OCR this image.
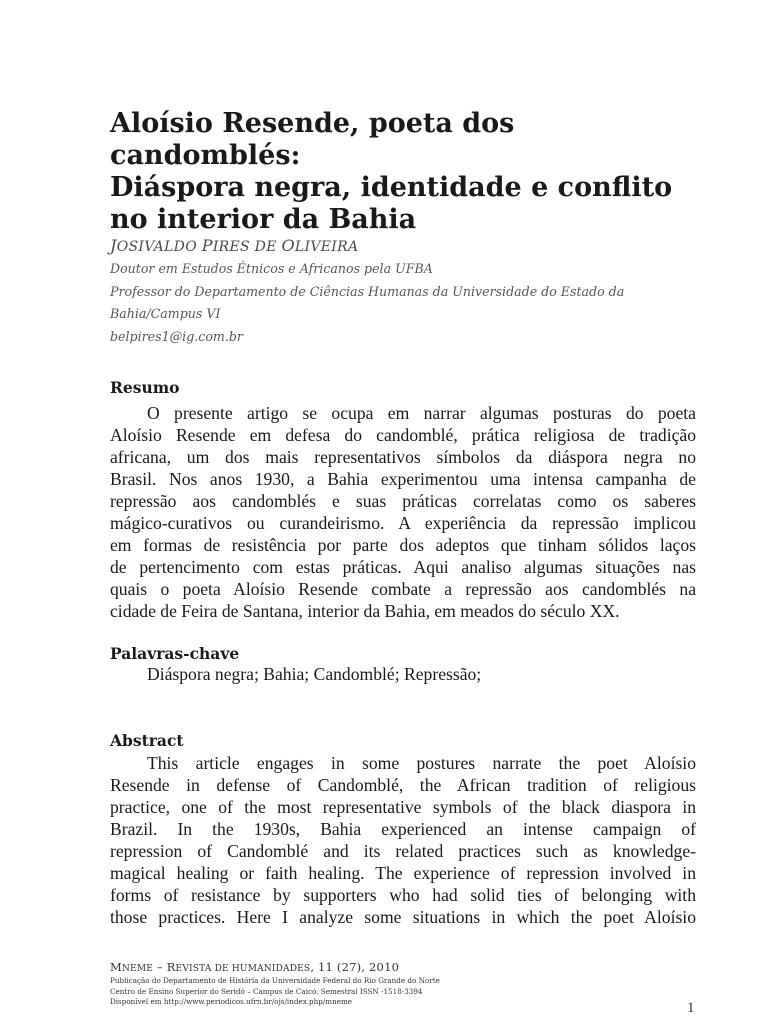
Aloísio Resende, poeta dos candomblés:
Diáspora negra, identidade e conflito
no interior da Bahia
JOSIVALDO PIRES DE OLIVEIRA
Doutor em Estudos Étnicos e Africanos pela UFBA
Professor do Departamento de Ciências Humanas da Universidade do Estado da
Bahia/Campus VI
belpires1@ig.com.br
Resumo
O presente artigo se ocupa em narrar algumas posturas do poeta
Aloísio Resende em defesa do candomblé, prática religiosa de tradição
africana, um dos mais representativos símbolos da diáspora negra no
Brasil. Nos anos 1930, a Bahia experimentou uma intensa campanha de
repressão aos candomblés e suas práticas correlatas como os saberes
mágico-curativos ou curandeirismo. A experiência da repressão implicou
em formas de resistência por parte dos adeptos que tinham sólidos laços
de pertencimento com estas práticas. Aqui analiso algumas situações nas
quais o poeta Aloísio Resende combate a repressão aos candomblés na
cidade de Feira de Santana, interior da Bahia, em meados do século XX.
Palavras-chave
Diáspora negra; Bahia; Candomblé; Repressão;
Abstract
This article engages in some postures narrate the poet Aloísio
Resende in defense of Candomblé, the African tradition of religious
practice, one of the most representative symbols of the black diaspora in
Brazil. In the 1930s, Bahia experienced an intense campaign of
repression of Candomblé and its related practices such as knowledge-
magical healing or faith healing. The experience of repression involved in
forms of resistance by supporters who had solid ties of belonging with
those practices. Here I analyze some situations in which the poet Aloísio
MNEME – REVISTA DE HUMANIDADES, 11 (27), 2010
Publicação do Departamento de História da Universidade Federal do Rio Grande do Norte
Centro de Ensino Superior do Seridó – Campus de Caicó. Semestral ISSN ‑1518‑3394
Disponível em http://www.periodicos.ufrn.br/ojs/index.php/mneme	1
